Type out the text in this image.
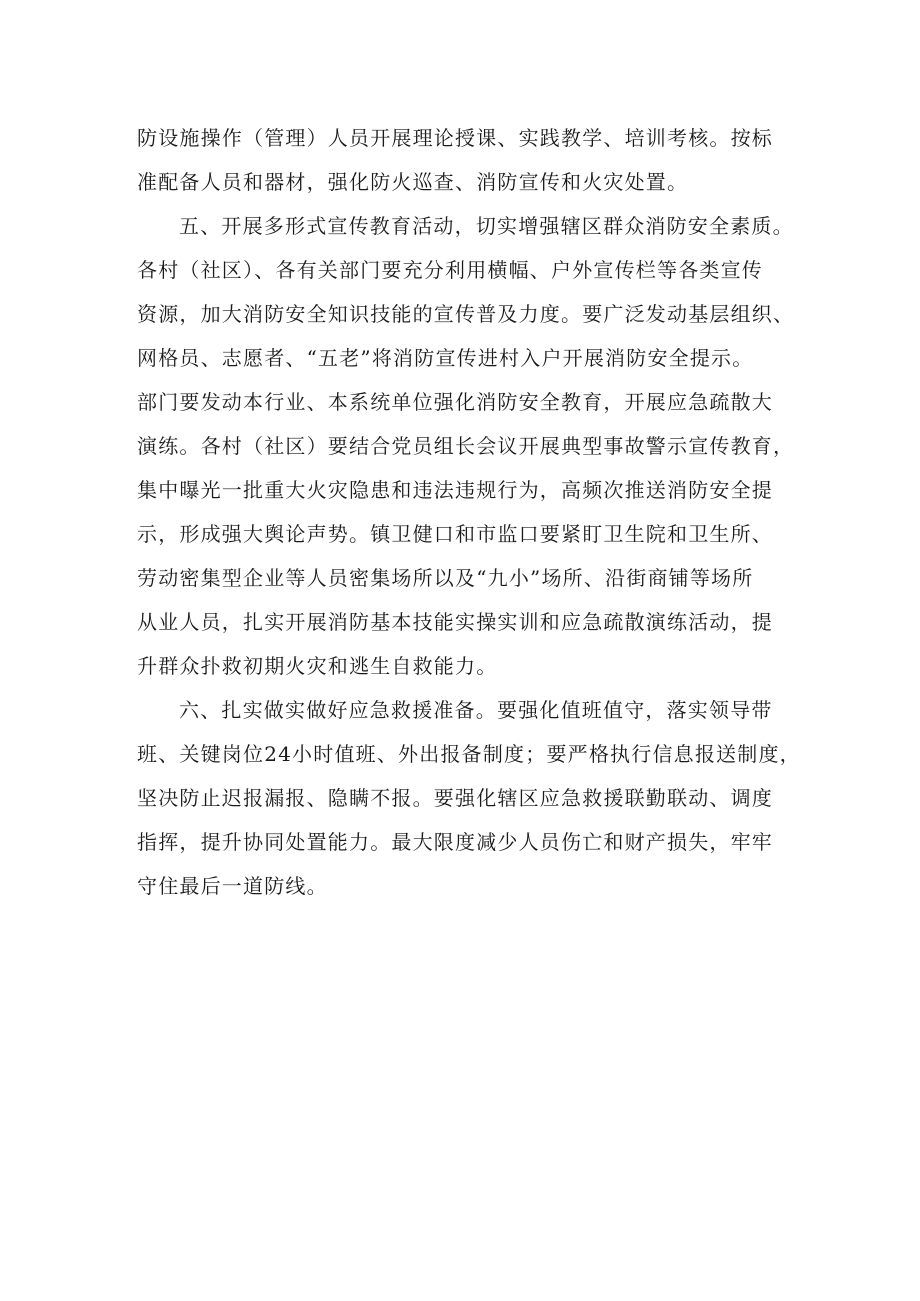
防设施操作（管理）人员开展理论授课、实践教学、培训考核。按标
准配备人员和器材，强化防火巡查、消防宣传和火灾处置。
五、开展多形式宣传教育活动，切实增强辖区群众消防安全素质。
各村（社区）、各有关部门要充分利用横幅、户外宣传栏等各类宣传
资源，加大消防安全知识技能的宣传普及力度。要广泛发动基层组织、
网格员、志愿者、“五老”将消防宣传进村入户开展消防安全提示。
部门要发动本行业、本系统单位强化消防安全教育，开展应急疏散大
演练。各村（社区）要结合党员组长会议开展典型事故警示宣传教育，
集中曝光一批重大火灾隐患和违法违规行为，高频次推送消防安全提
示，形成强大舆论声势。镇卫健口和市监口要紧盯卫生院和卫生所、
劳动密集型企业等人员密集场所以及“九小”场所、沿街商铺等场所
从业人员，扎实开展消防基本技能实操实训和应急疏散演练活动，提
升群众扑救初期火灾和逃生自救能力。
六、扎实做实做好应急救援准备。要强化值班值守，落实领导带
班、关键岗位24小时值班、外出报备制度；要严格执行信息报送制度，
坚决防止迟报漏报、隐瞒不报。要强化辖区应急救援联勤联动、调度
指挥，提升协同处置能力。最大限度减少人员伤亡和财产损失，牢牢
守住最后一道防线。
